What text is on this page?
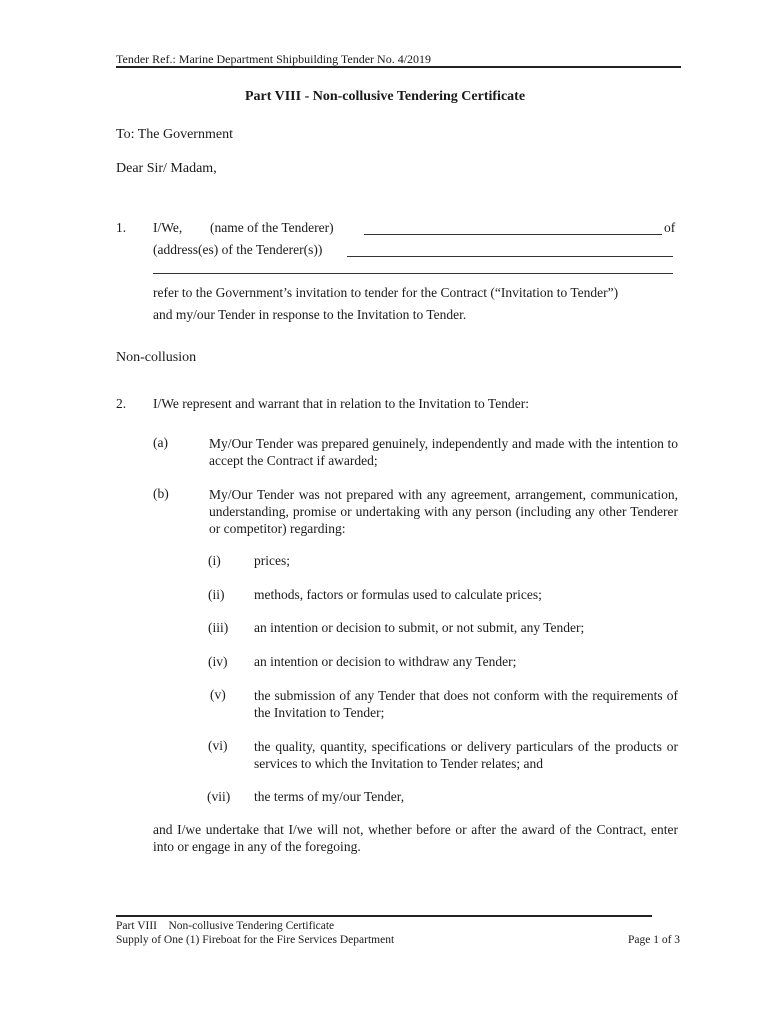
Tender Ref.: Marine Department Shipbuilding Tender No. 4/2019
Part VIII - Non-collusive Tendering Certificate
To: The Government
Dear Sir/ Madam,
1. I/We, (name of the Tenderer)	of
(address(es) of the Tenderer(s))
refer to the Government’s invitation to tender for the Contract (“Invitation to Tender”)
and my/our Tender in response to the Invitation to Tender.
Non-collusion
2. I/We represent and warrant that in relation to the Invitation to Tender:
(a)	My/Our Tender was prepared genuinely, independently and made with the intention to accept the Contract if awarded;
(b)	My/Our Tender was not prepared with any agreement, arrangement, communication, understanding, promise or undertaking with any person (including any other Tenderer or competitor) regarding:
(i) prices;
(ii) methods, factors or formulas used to calculate prices;
(iii) an intention or decision to submit, or not submit, any Tender;
(iv) an intention or decision to withdraw any Tender;
(v) the submission of any Tender that does not conform with the requirements of the Invitation to Tender;
(vi) the quality, quantity, specifications or delivery particulars of the products or services to which the Invitation to Tender relates; and
(vii) the terms of my/our Tender,
and I/we undertake that I/we will not, whether before or after the award of the Contract, enter into or engage in any of the foregoing.
Part VIII    Non-collusive Tendering Certificate
Supply of One (1) Fireboat for the Fire Services Department	Page 1 of 3
